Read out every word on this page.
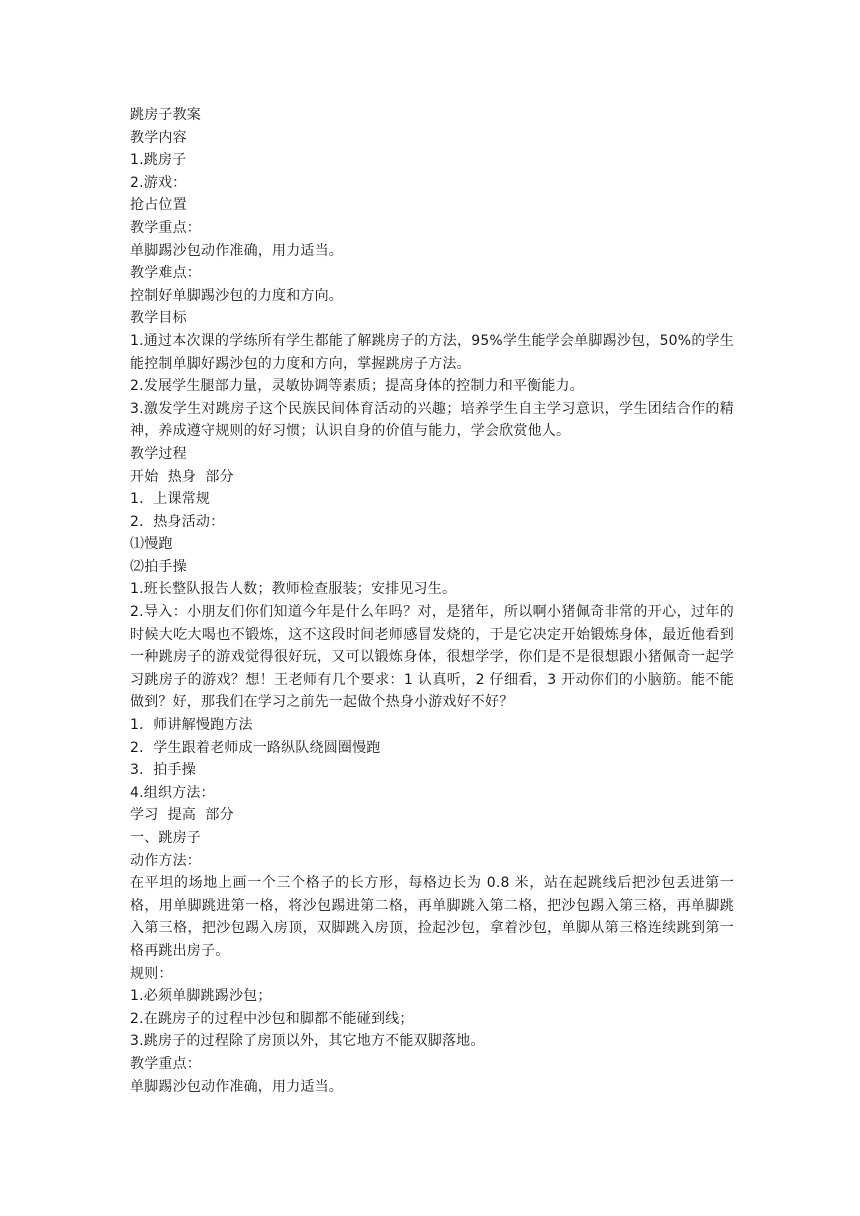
跳房子教案
教学内容
1.跳房子
2.游戏：
抢占位置
教学重点：
单脚踢沙包动作准确，用力适当。
教学难点：
控制好单脚踢沙包的力度和方向。
教学目标
1.通过本次课的学练所有学生都能了解跳房子的方法，95%学生能学会单脚踢沙包，50%的学生能控制单脚好踢沙包的力度和方向，掌握跳房子方法。
2.发展学生腿部力量，灵敏协调等素质；提高身体的控制力和平衡能力。
3.激发学生对跳房子这个民族民间体育活动的兴趣；培养学生自主学习意识，学生团结合作的精神，养成遵守规则的好习惯；认识自身的价值与能力，学会欣赏他人。
教学过程
开始  热身  部分
1．上课常规
2．热身活动：
⑴慢跑
⑵拍手操
1.班长整队报告人数；教师检查服装；安排见习生。
2.导入：小朋友们你们知道今年是什么年吗？对，是猪年，所以啊小猪佩奇非常的开心，过年的时候大吃大喝也不锻炼，这不这段时间老师感冒发烧的，于是它决定开始锻炼身体，最近他看到一种跳房子的游戏觉得很好玩，又可以锻炼身体，很想学学，你们是不是很想跟小猪佩奇一起学习跳房子的游戏？想！王老师有几个要求：1 认真听，2 仔细看，3 开动你们的小脑筋。能不能做到？好，那我们在学习之前先一起做个热身小游戏好不好？
1．师讲解慢跑方法
2．学生跟着老师成一路纵队绕圆圈慢跑
3．拍手操
4.组织方法：
学习  提高  部分
一、跳房子
动作方法：
在平坦的场地上画一个三个格子的长方形，每格边长为 0.8 米，站在起跳线后把沙包丢进第一格，用单脚跳进第一格，将沙包踢进第二格，再单脚跳入第二格，把沙包踢入第三格，再单脚跳入第三格，把沙包踢入房顶，双脚跳入房顶，捡起沙包，拿着沙包，单脚从第三格连续跳到第一格再跳出房子。
规则：
1.必须单脚跳踢沙包；
2.在跳房子的过程中沙包和脚都不能碰到线；
3.跳房子的过程除了房顶以外，其它地方不能双脚落地。
教学重点：
单脚踢沙包动作准确，用力适当。
